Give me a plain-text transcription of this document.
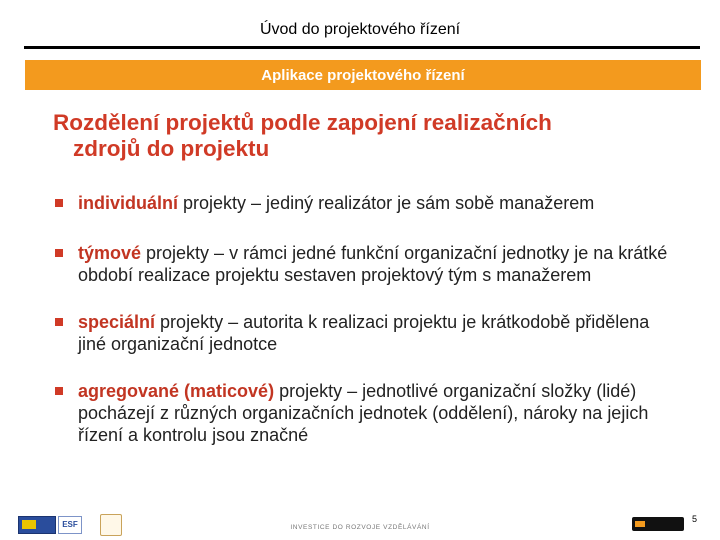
Úvod do projektového řízení
Aplikace projektového řízení
Rozdělení projektů podle zapojení realizačních
zdrojů do projektu
individuální projekty – jediný realizátor je sám sobě manažerem
týmové projekty – v rámci jedné funkční organizační jednotky je na krátké období realizace projektu sestaven projektový tým s manažerem
speciální projekty – autorita k realizaci projektu je krátkodobě přidělena jiné organizační jednotce
agregované (maticové) projekty – jednotlivé organizační složky (lidé) pocházejí z různých organizačních jednotek (oddělení), nároky na jejich řízení a kontrolu jsou značné
ESF	INVESTICE DO ROZVOJE VZDĚLÁVÁNÍ
5
